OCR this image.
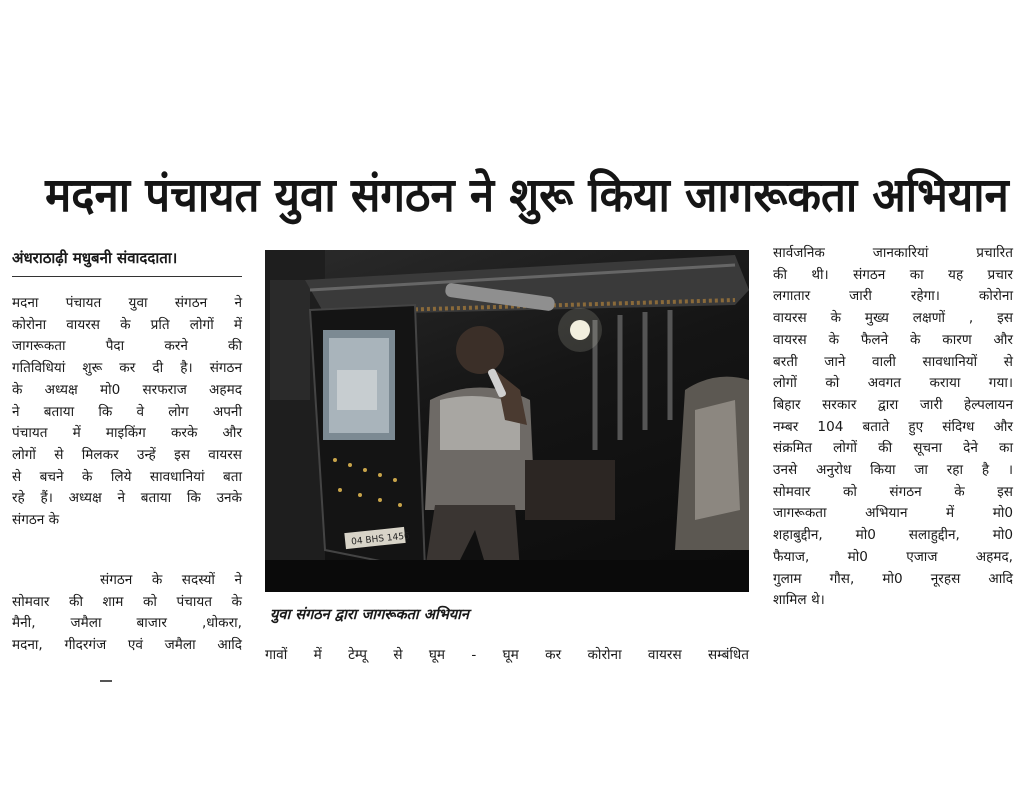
मदना पंचायत युवा संगठन ने शुरू किया जागरूकता अभियान
अंधराठाढ़ी मधुबनी संवाददाता।
मदना पंचायत युवा संगठन ने
कोरोना वायरस के प्रति लोगों में
जागरूकता पैदा करने की
गतिविधियां शुरू कर दी है। संगठन
के अध्यक्ष मो0 सरफराज अहमद
ने बताया कि वे लोग अपनी
पंचायत में माइकिंग करके और
लोगों से मिलकर उन्हें इस वायरस
से बचने के लिये सावधानियां बता
रहे हैं। अध्यक्ष ने बताया कि उनके
संगठन के
संगठन के सदस्यों ने
सोमवार की शाम को पंचायत के
मैनी, जमैला बाजार ,धोकरा,
मदना, गीदरगंज एवं जमैला आदि
04 BHS 1456
युवा संगठन द्वारा जागरूकता अभियान
गावों में टेम्पू से घूम - घूम कर कोरोना वायरस सम्बंधित
सार्वजनिक जानकारियां प्रचारित
की थी। संगठन का यह प्रचार
लगातार जारी रहेगा। कोरोना
वायरस के मुख्य लक्षणों , इस
वायरस के फैलने के कारण और
बरती जाने वाली सावधानियों से
लोगों को अवगत कराया गया।
बिहार सरकार द्वारा जारी हेल्पलायन
नम्बर 104 बताते हुए संदिग्ध और
संक्रमित लोगों की सूचना देने का
उनसे अनुरोध किया जा रहा है ।
सोमवार को संगठन के इस
जागरूकता अभियान में मो0
शहाबुद्दीन, मो0 सलाहुद्दीन, मो0
फैयाज, मो0 एजाज अहमद,
गुलाम गौस, मो0 नूरहस आदि
शामिल थे।
